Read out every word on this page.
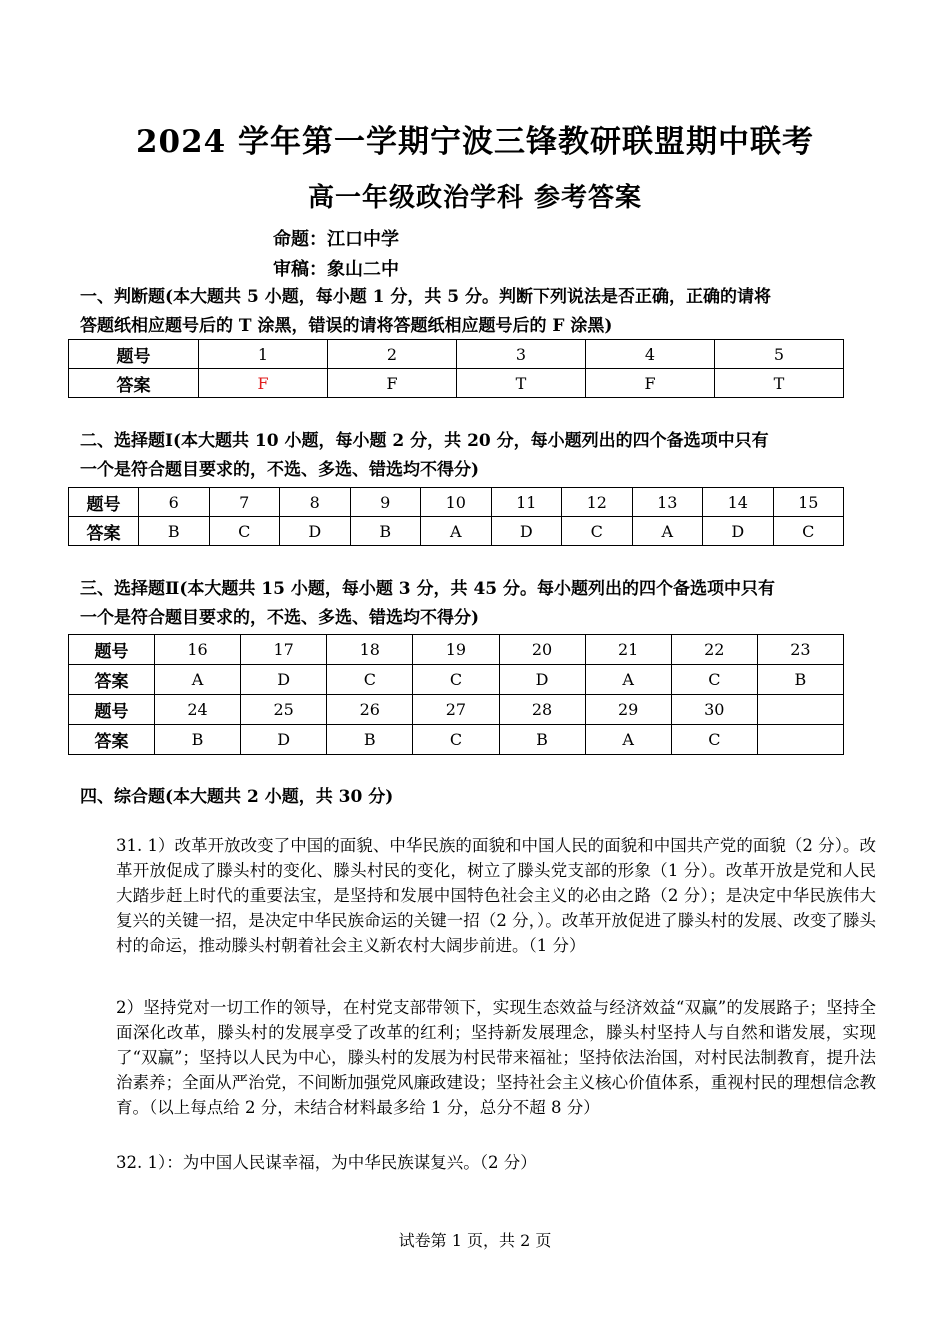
2024 学年第一学期宁波三锋教研联盟期中联考
高一年级政治学科 参考答案
命题：江口中学
审稿：象山二中
一、判断题(本大题共 5 小题，每小题 1 分，共 5 分。判断下列说法是否正确，正确的请将
答题纸相应题号后的 T 涂黑，错误的请将答题纸相应题号后的 F 涂黑)
题号	1	2	3	4	5
答案	F	F	T	F	T
二、选择题Ⅰ(本大题共 10 小题，每小题 2 分，共 20 分，每小题列出的四个备选项中只有
一个是符合题目要求的，不选、多选、错选均不得分)
题号	6	7	8	9	10	11	12	13	14	15
答案	B	C	D	B	A	D	C	A	D	C
三、选择题Ⅱ(本大题共 15 小题，每小题 3 分，共 45 分。每小题列出的四个备选项中只有
一个是符合题目要求的，不选、多选、错选均不得分)
题号	16	17	18	19	20	21	22	23
答案	A	D	C	C	D	A	C	B
题号	24	25	26	27	28	29	30	
答案	B	D	B	C	B	A	C	
四、综合题(本大题共 2 小题，共 30 分)
31. 1）改革开放改变了中国的面貌、中华民族的面貌和中国人民的面貌和中国共产党的面貌（2 分）。改革开放促成了滕头村的变化、滕头村民的变化，树立了滕头党支部的形象（1 分）。改革开放是党和人民大踏步赶上时代的重要法宝，是坚持和发展中国特色社会主义的必由之路（2 分）；是决定中华民族伟大复兴的关键一招，是决定中华民族命运的关键一招（2 分，）。改革开放促进了滕头村的发展、改变了滕头村的命运，推动滕头村朝着社会主义新农村大阔步前进。（1 分）
2）坚持党对一切工作的领导，在村党支部带领下，实现生态效益与经济效益“双赢”的发展路子；坚持全面深化改革，滕头村的发展享受了改革的红利；坚持新发展理念，滕头村坚持人与自然和谐发展，实现了“双赢”；坚持以人民为中心，滕头村的发展为村民带来福祉；坚持依法治国，对村民法制教育，提升法治素养；全面从严治党，不间断加强党风廉政建设；坚持社会主义核心价值体系，重视村民的理想信念教育。（以上每点给 2 分，未结合材料最多给 1 分，总分不超 8 分）
32. 1）：为中国人民谋幸福，为中华民族谋复兴。（2 分）
试卷第 1 页，共 2 页
